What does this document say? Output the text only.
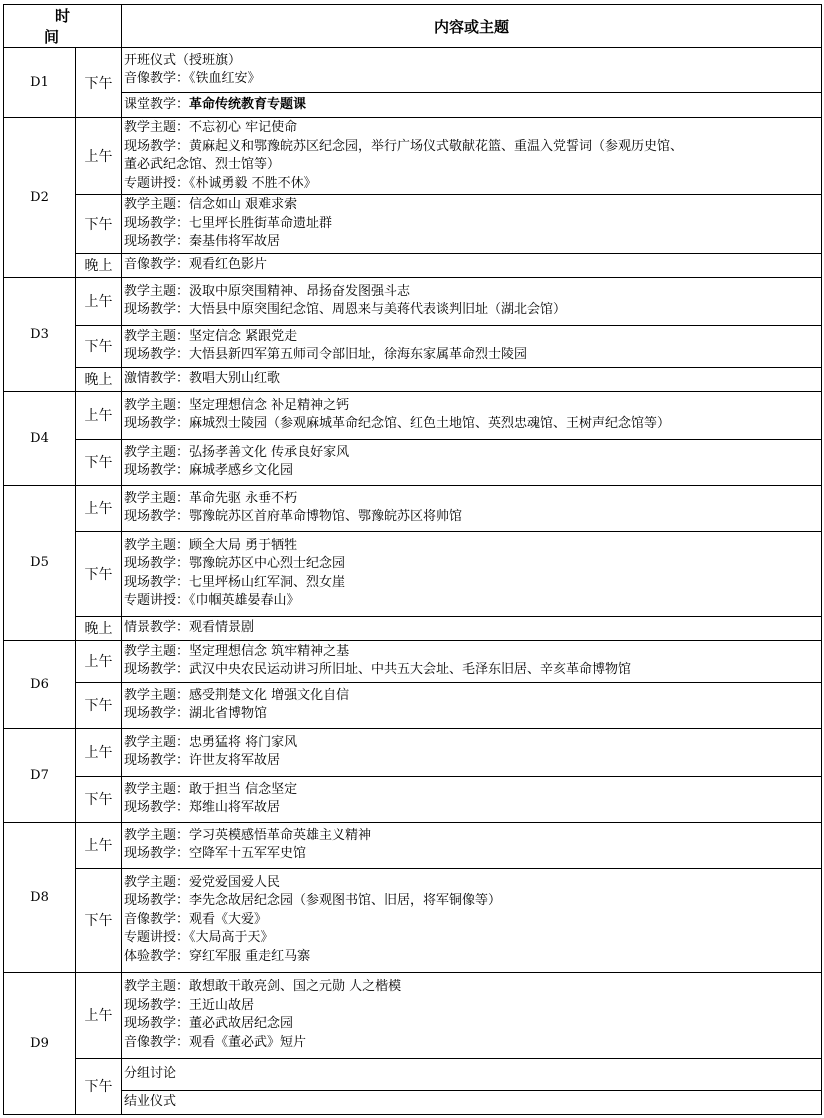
时　间		内容或主题
D1	下午	开班仪式（授班旗）
音像教学：《铁血红安》

		课堂教学：革命传统教育专题课

D2	上午	教学主题：不忘初心 牢记使命
现场教学：黄麻起义和鄂豫皖苏区纪念园，举行广场仪式敬献花篮、重温入党誓词（参观历史馆、
董必武纪念馆、烈士馆等）
专题讲授：《朴诚勇毅 不胜不休》

	下午	教学主题：信念如山 艰难求索
现场教学：七里坪长胜街革命遗址群
现场教学：秦基伟将军故居

	晚上	音像教学：观看红色影片

D3	上午	教学主题：汲取中原突围精神、昂扬奋发图强斗志
现场教学：大悟县中原突围纪念馆、周恩来与美蒋代表谈判旧址（湖北会馆）

	下午	教学主题：坚定信念 紧跟党走
现场教学：大悟县新四军第五师司令部旧址，徐海东家属革命烈士陵园

	晚上	激情教学：教唱大别山红歌

D4	上午	教学主题：坚定理想信念 补足精神之钙
现场教学：麻城烈士陵园（参观麻城革命纪念馆、红色土地馆、英烈忠魂馆、王树声纪念馆等）

	下午	教学主题：弘扬孝善文化 传承良好家风
现场教学：麻城孝感乡文化园

D5	上午	教学主题：革命先驱 永垂不朽
现场教学：鄂豫皖苏区首府革命博物馆、鄂豫皖苏区将帅馆

	下午	教学主题：顾全大局 勇于牺牲
现场教学：鄂豫皖苏区中心烈士纪念园
现场教学：七里坪杨山红军洞、烈女崖
专题讲授：《巾帼英雄晏春山》

	晚上	情景教学：观看情景剧

D6	上午	教学主题：坚定理想信念 筑牢精神之基
现场教学：武汉中央农民运动讲习所旧址、中共五大会址、毛泽东旧居、辛亥革命博物馆

	下午	教学主题：感受荆楚文化 增强文化自信
现场教学：湖北省博物馆

D7	上午	教学主题：忠勇猛将 将门家风
现场教学：许世友将军故居

	下午	教学主题：敢于担当 信念坚定
现场教学：郑维山将军故居

D8	上午	教学主题：学习英模感悟革命英雄主义精神
现场教学：空降军十五军军史馆

	下午	教学主题：爱党爱国爱人民
现场教学：李先念故居纪念园（参观图书馆、旧居，将军铜像等）
音像教学：观看《大爱》
专题讲授：《大局高于天》
体验教学：穿红军服 重走红马寨

D9	上午	教学主题：敢想敢干敢亮剑、国之元勋 人之楷模
现场教学：王近山故居
现场教学：董必武故居纪念园
音像教学：观看《董必武》短片

	下午	分组讨论

		结业仪式
